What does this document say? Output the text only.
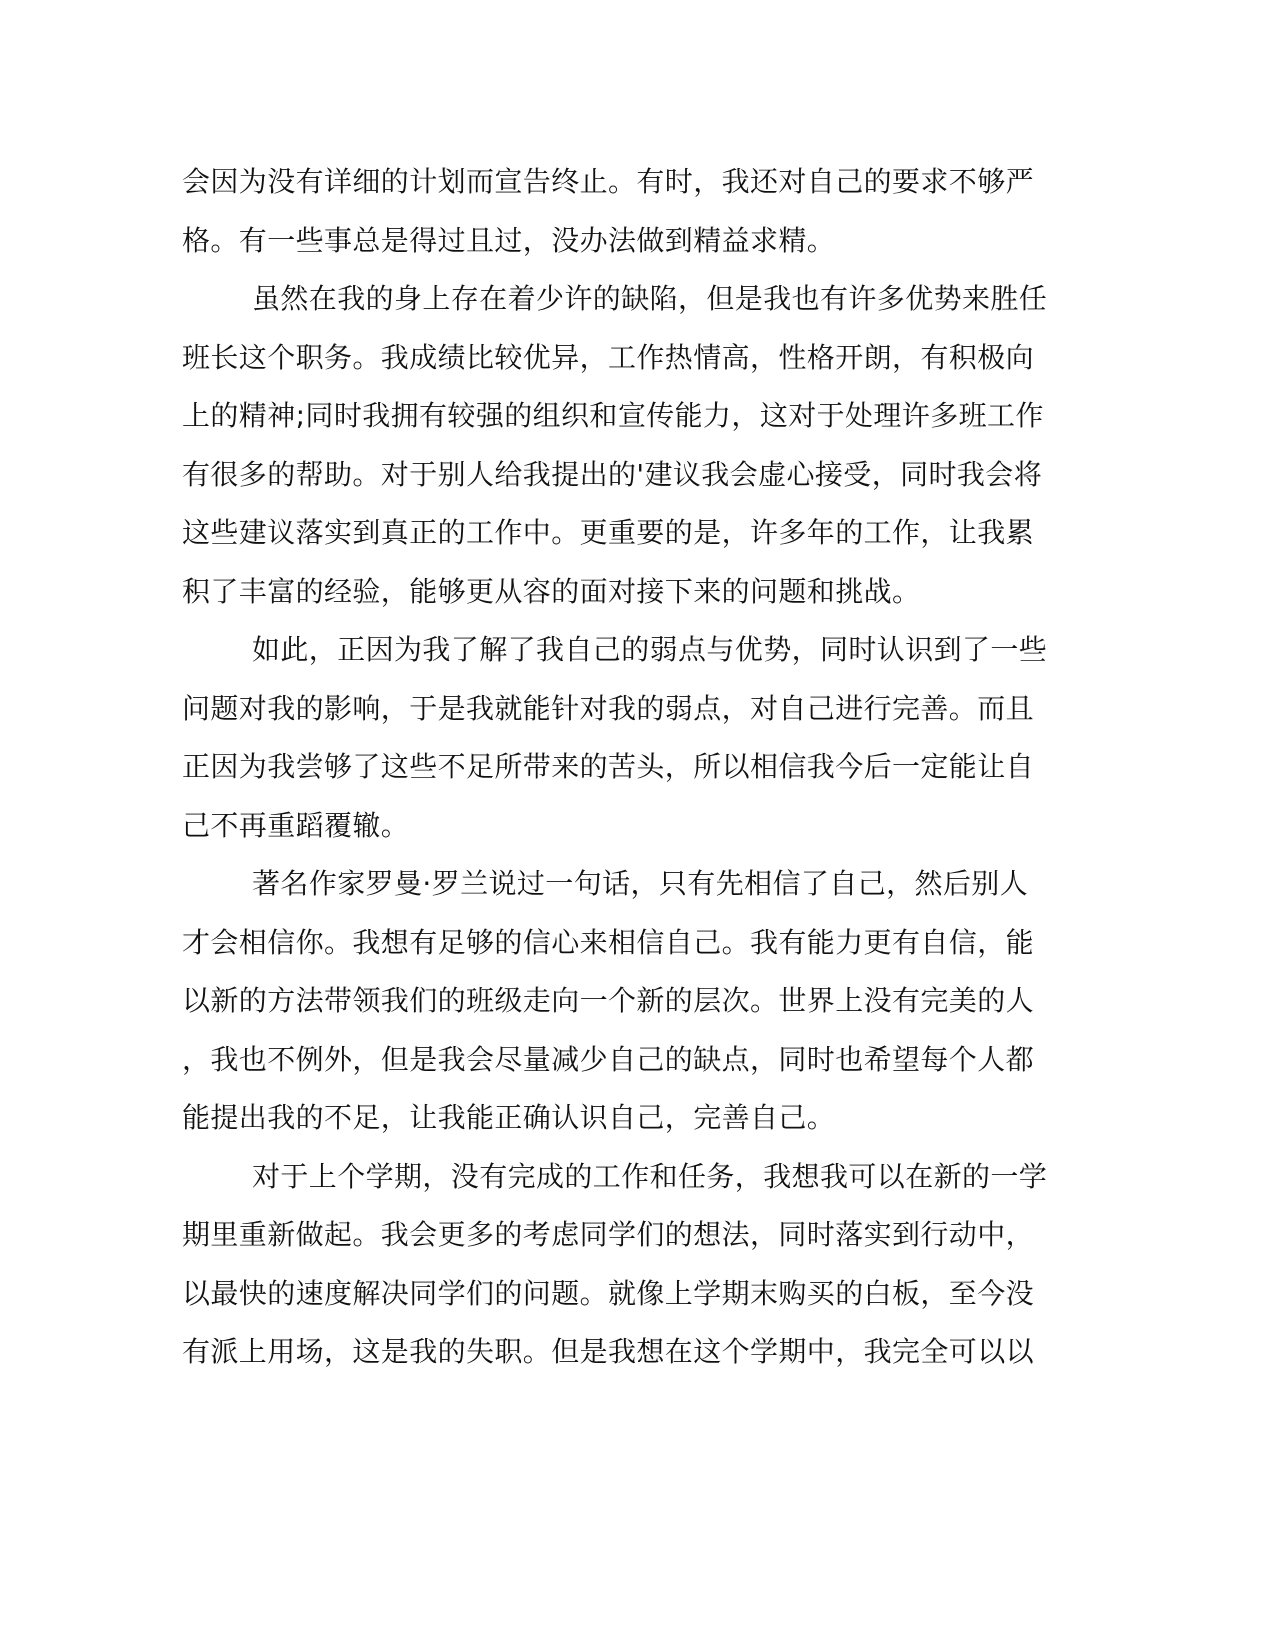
会因为没有详细的计划而宣告终止。有时，我还对自己的要求不够严
格。有一些事总是得过且过，没办法做到精益求精。

虽然在我的身上存在着少许的缺陷，但是我也有许多优势来胜任
班长这个职务。我成绩比较优异，工作热情高，性格开朗，有积极向
上的精神;同时我拥有较强的组织和宣传能力，这对于处理许多班工作
有很多的帮助。对于别人给我提出的'建议我会虚心接受，同时我会将
这些建议落实到真正的工作中。更重要的是，许多年的工作，让我累
积了丰富的经验，能够更从容的面对接下来的问题和挑战。

如此，正因为我了解了我自己的弱点与优势，同时认识到了一些
问题对我的影响，于是我就能针对我的弱点，对自己进行完善。而且
正因为我尝够了这些不足所带来的苦头，所以相信我今后一定能让自
己不再重蹈覆辙。

著名作家罗曼·罗兰说过一句话，只有先相信了自己，然后别人
才会相信你。我想有足够的信心来相信自己。我有能力更有自信，能
以新的方法带领我们的班级走向一个新的层次。世界上没有完美的人
，我也不例外，但是我会尽量减少自己的缺点，同时也希望每个人都
能提出我的不足，让我能正确认识自己，完善自己。

对于上个学期，没有完成的工作和任务，我想我可以在新的一学
期里重新做起。我会更多的考虑同学们的想法，同时落实到行动中，
以最快的速度解决同学们的问题。就像上学期末购买的白板，至今没
有派上用场，这是我的失职。但是我想在这个学期中，我完全可以以
